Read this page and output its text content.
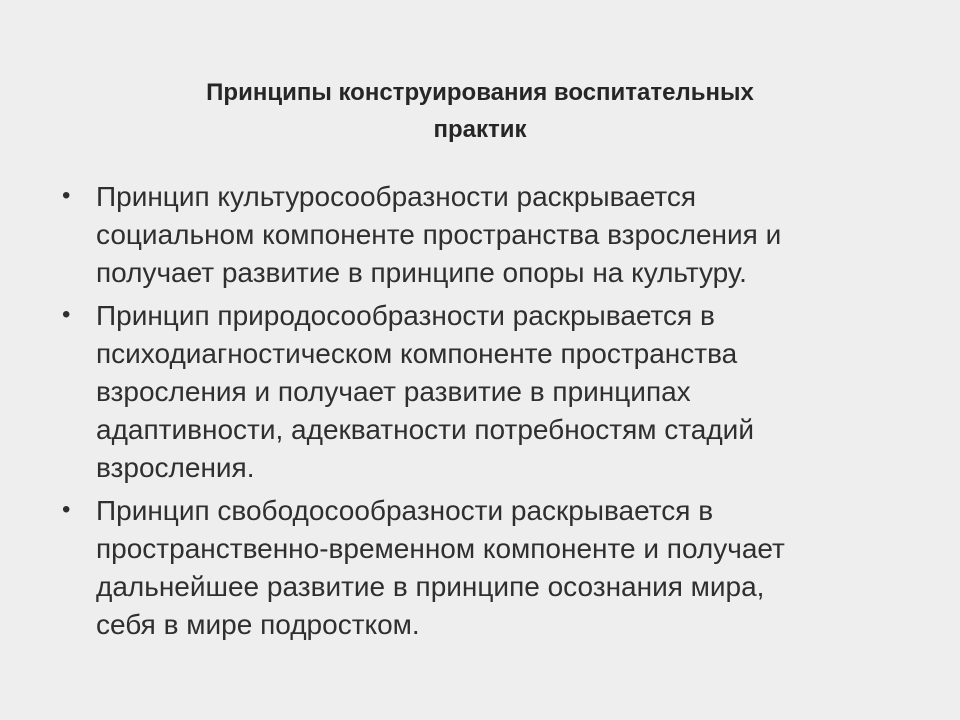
Принципы конструирования воспитательных
практик
• Принцип культуросообразности раскрывается
социальном компоненте пространства взросления и
получает развитие в принципе опоры на культуру.
• Принцип природосообразности раскрывается в
психодиагностическом компоненте пространства
взросления и получает развитие в принципах
адаптивности, адекватности потребностям стадий
взросления.
• Принцип свободосообразности раскрывается в
пространственно-временном компоненте и получает
дальнейшее развитие в принципе осознания мира,
себя в мире подростком.
